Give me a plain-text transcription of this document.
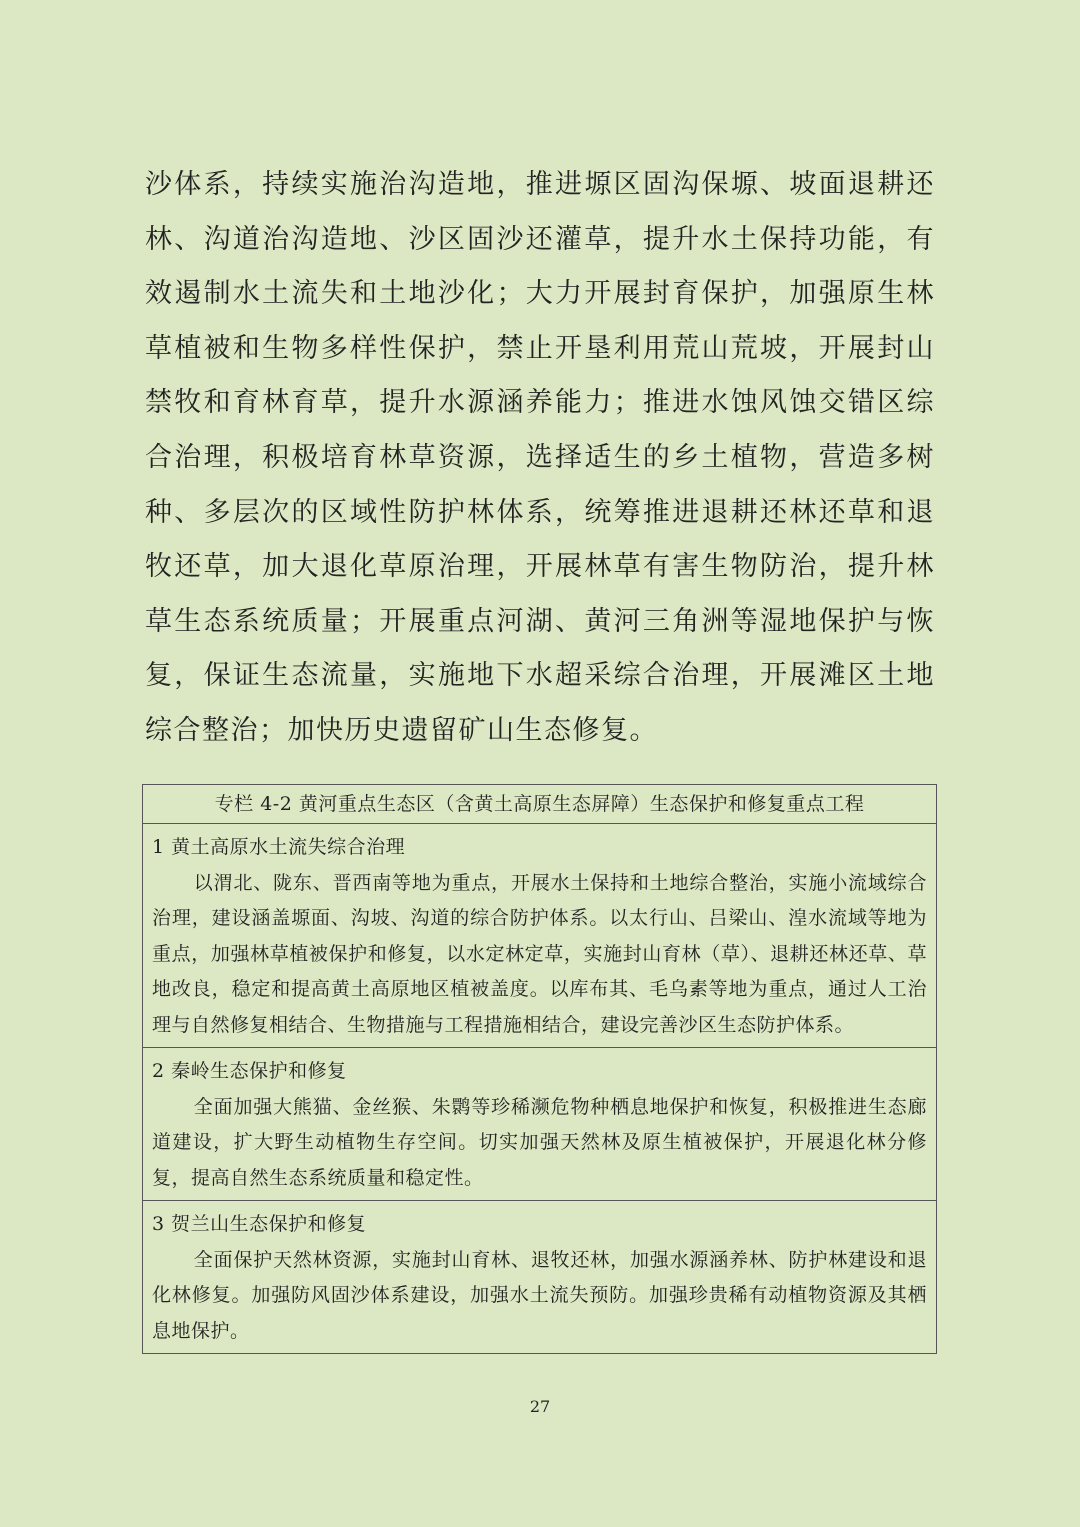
沙体系，持续实施治沟造地，推进塬区固沟保塬、坡面退耕还林、沟道治沟造地、沙区固沙还灌草，提升水土保持功能，有效遏制水土流失和土地沙化；大力开展封育保护，加强原生林草植被和生物多样性保护，禁止开垦利用荒山荒坡，开展封山禁牧和育林育草，提升水源涵养能力；推进水蚀风蚀交错区综合治理，积极培育林草资源，选择适生的乡土植物，营造多树种、多层次的区域性防护林体系，统筹推进退耕还林还草和退牧还草，加大退化草原治理，开展林草有害生物防治，提升林草生态系统质量；开展重点河湖、黄河三角洲等湿地保护与恢复，保证生态流量，实施地下水超采综合治理，开展滩区土地综合整治；加快历史遗留矿山生态修复。

专栏 4-2 黄河重点生态区（含黄土高原生态屏障）生态保护和修复重点工程

1 黄土高原水土流失综合治理

以渭北、陇东、晋西南等地为重点，开展水土保持和土地综合整治，实施小流域综合治理，建设涵盖塬面、沟坡、沟道的综合防护体系。以太行山、吕梁山、湟水流域等地为重点，加强林草植被保护和修复，以水定林定草，实施封山育林（草）、退耕还林还草、草地改良，稳定和提高黄土高原地区植被盖度。以库布其、毛乌素等地为重点，通过人工治理与自然修复相结合、生物措施与工程措施相结合，建设完善沙区生态防护体系。

2 秦岭生态保护和修复

全面加强大熊猫、金丝猴、朱鹮等珍稀濒危物种栖息地保护和恢复，积极推进生态廊道建设，扩大野生动植物生存空间。切实加强天然林及原生植被保护，开展退化林分修复，提高自然生态系统质量和稳定性。

3 贺兰山生态保护和修复

全面保护天然林资源，实施封山育林、退牧还林，加强水源涵养林、防护林建设和退化林修复。加强防风固沙体系建设，加强水土流失预防。加强珍贵稀有动植物资源及其栖息地保护。

27
